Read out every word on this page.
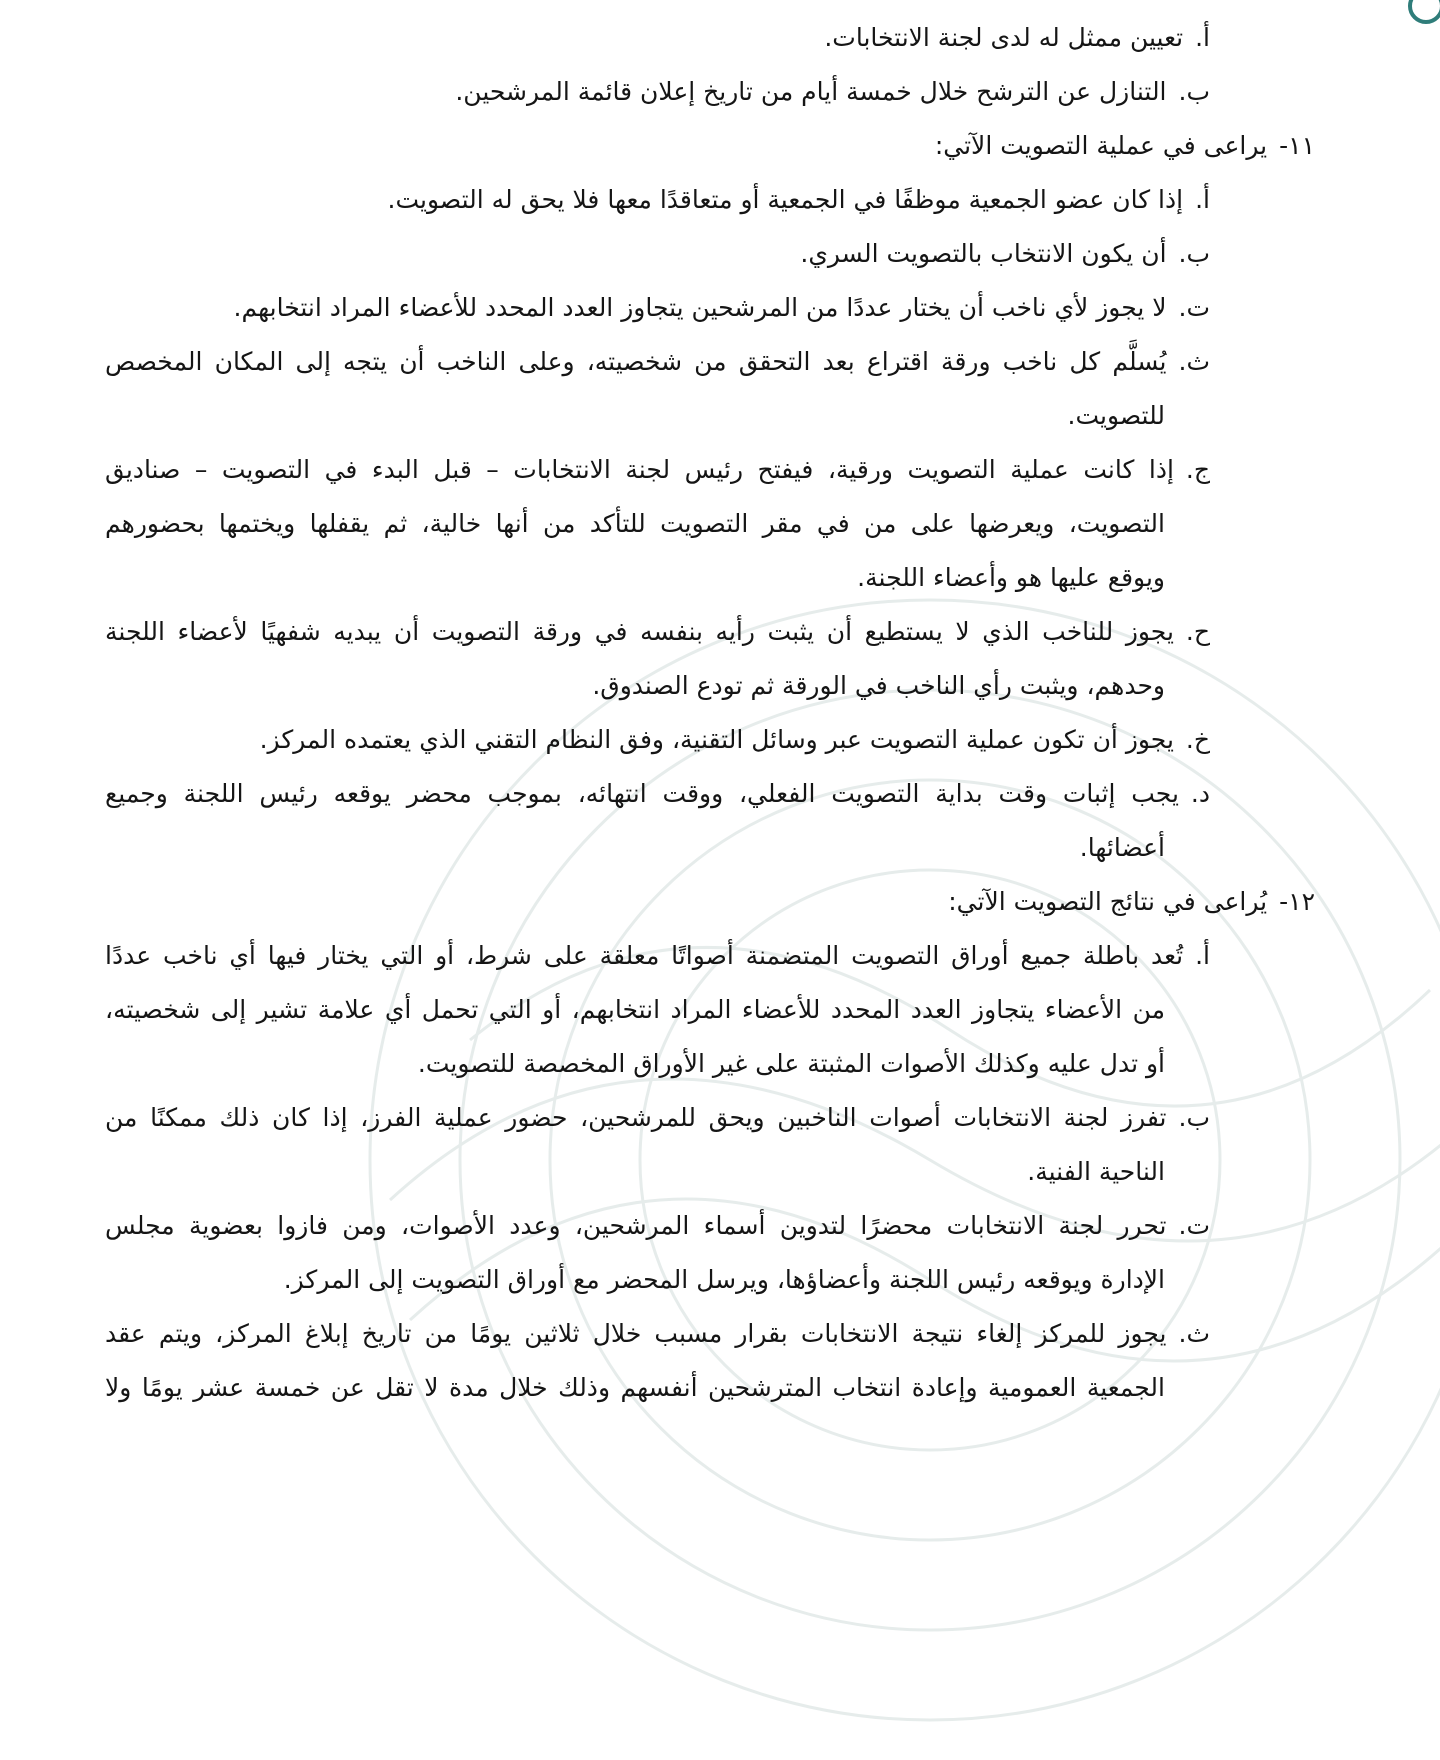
أ.تعيين ممثل له لدى لجنة الانتخابات.
ب.التنازل عن الترشح خلال خمسة أيام من تاريخ إعلان قائمة المرشحين.
١١-يراعى في عملية التصويت الآتي:
أ.إذا كان عضو الجمعية موظفًا في الجمعية أو متعاقدًا معها فلا يحق له التصويت.
ب.أن يكون الانتخاب بالتصويت السري.
ت.لا يجوز لأي ناخب أن يختار عددًا من المرشحين يتجاوز العدد المحدد للأعضاء المراد انتخابهم.
ث.يُسلَّم كل ناخب ورقة اقتراع بعد التحقق من شخصيته، وعلى الناخب أن يتجه إلى المكان المخصص
للتصويت.
ج.إذا كانت عملية التصويت ورقية، فيفتح رئيس لجنة الانتخابات – قبل البدء في التصويت – صناديق
التصويت، ويعرضها على من في مقر التصويت للتأكد من أنها خالية، ثم يقفلها ويختمها بحضورهم
ويوقع عليها هو وأعضاء اللجنة.
ح.يجوز للناخب الذي لا يستطيع أن يثبت رأيه بنفسه في ورقة التصويت أن يبديه شفهيًا لأعضاء اللجنة
وحدهم، ويثبت رأي الناخب في الورقة ثم تودع الصندوق.
خ.يجوز أن تكون عملية التصويت عبر وسائل التقنية، وفق النظام التقني الذي يعتمده المركز.
د.يجب إثبات وقت بداية التصويت الفعلي، ووقت انتهائه، بموجب محضر يوقعه رئيس اللجنة وجميع
أعضائها.
١٢-يُراعى في نتائج التصويت الآتي:
أ.تُعد باطلة جميع أوراق التصويت المتضمنة أصواتًا معلقة على شرط، أو التي يختار فيها أي ناخب عددًا
من الأعضاء يتجاوز العدد المحدد للأعضاء المراد انتخابهم، أو التي تحمل أي علامة تشير إلى شخصيته،
أو تدل عليه وكذلك الأصوات المثبتة على غير الأوراق المخصصة للتصويت.
ب.تفرز لجنة الانتخابات أصوات الناخبين ويحق للمرشحين، حضور عملية الفرز، إذا كان ذلك ممكنًا من
الناحية الفنية.
ت.تحرر لجنة الانتخابات محضرًا لتدوين أسماء المرشحين، وعدد الأصوات، ومن فازوا بعضوية مجلس
الإدارة ويوقعه رئيس اللجنة وأعضاؤها، ويرسل المحضر مع أوراق التصويت إلى المركز.
ث.يجوز للمركز إلغاء نتيجة الانتخابات بقرار مسبب خلال ثلاثين يومًا من تاريخ إبلاغ المركز، ويتم عقد
الجمعية العمومية وإعادة انتخاب المترشحين أنفسهم وذلك خلال مدة لا تقل عن خمسة عشر يومًا ولا
